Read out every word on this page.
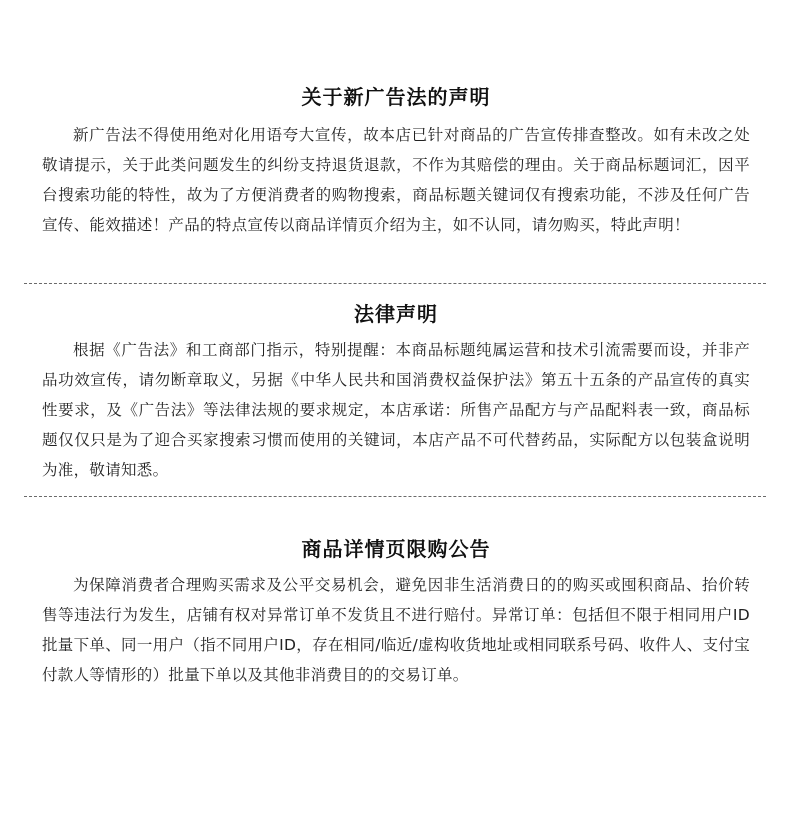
关于新广告法的声明

新广告法不得使用绝对化用语夸大宣传，故本店已针对商品的广告宣传排查整改。如有未改之处敬请提示，关于此类问题发生的纠纷支持退货退款，不作为其赔偿的理由。关于商品标题词汇，因平台搜索功能的特性，故为了方便消费者的购物搜索，商品标题关键词仅有搜索功能，不涉及任何广告宣传、能效描述！产品的特点宣传以商品详情页介绍为主，如不认同，请勿购买，特此声明！

法律声明

根据《广告法》和工商部门指示，特别提醒：本商品标题纯属运营和技术引流需要而设，并非产品功效宣传，请勿断章取义，另据《中华人民共和国消费权益保护法》第五十五条的产品宣传的真实性要求，及《广告法》等法律法规的要求规定，本店承诺：所售产品配方与产品配料表一致，商品标题仅仅只是为了迎合买家搜索习惯而使用的关键词，本店产品不可代替药品，实际配方以包装盒说明为准，敬请知悉。

商品详情页限购公告

为保障消费者合理购买需求及公平交易机会，避免因非生活消费日的的购买或囤积商品、抬价转售等违法行为发生，店铺有权对异常订单不发货且不进行赔付。异常订单：包括但不限于相同用户ID批量下单、同一用户（指不同用户ID，存在相同/临近/虚构收货地址或相同联系号码、收件人、支付宝付款人等情形的）批量下单以及其他非消费目的的交易订单。
